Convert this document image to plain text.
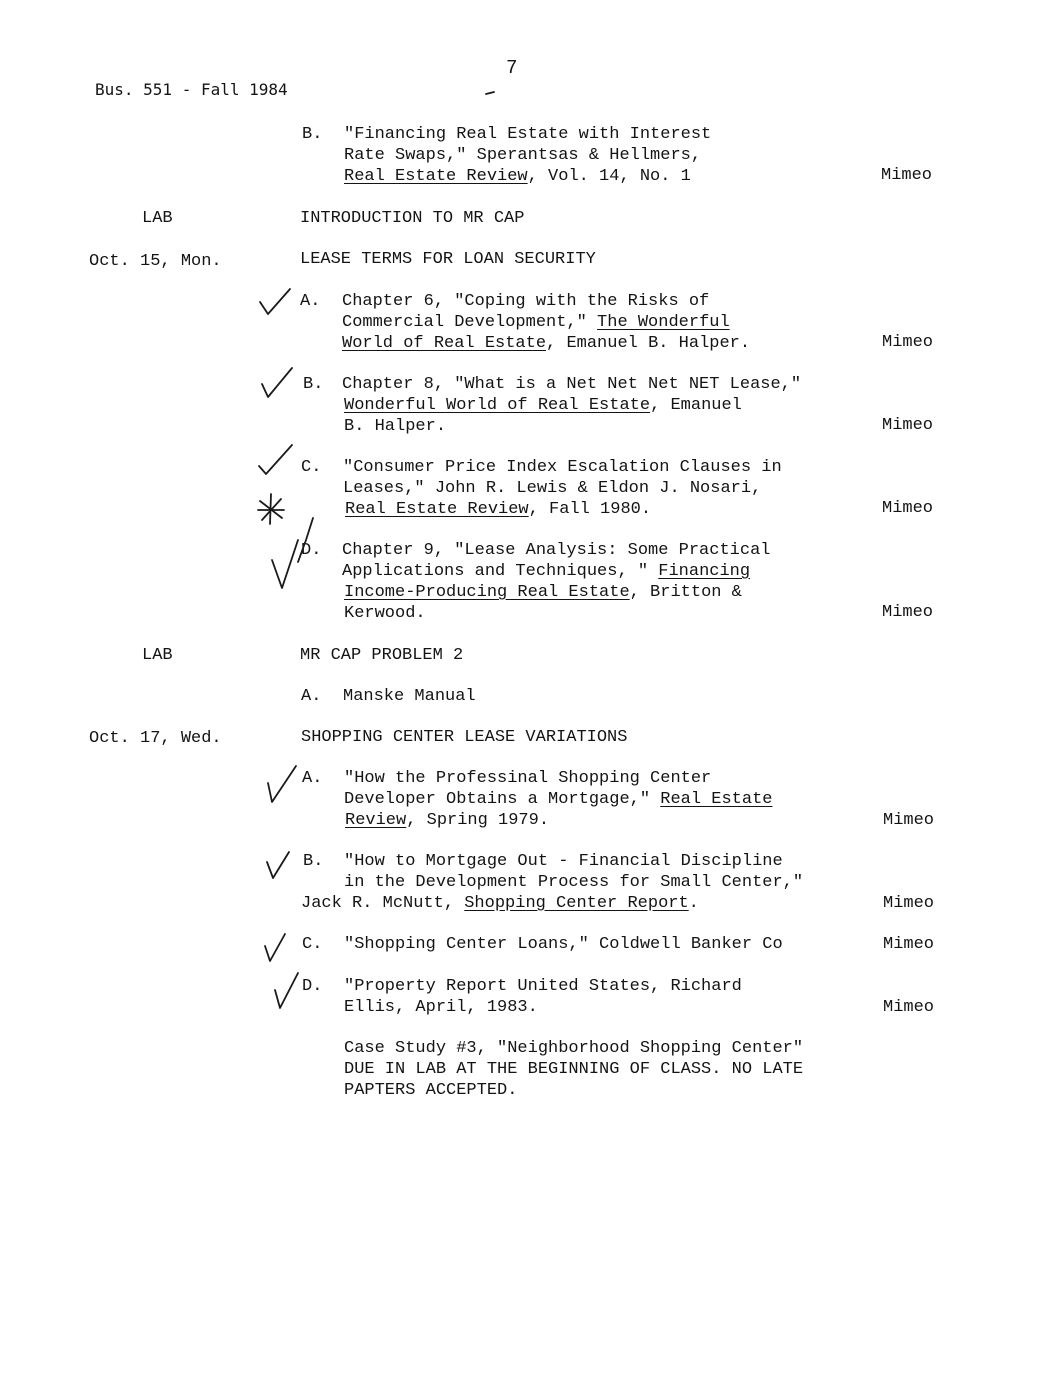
Bus. 551 - Fall 1984
7
B. "Financing Real Estate with Interest
Rate Swaps," Sperantsas & Hellmers,
Real Estate Review, Vol. 14, No. 1	Mimeo
LAB	INTRODUCTION TO MR CAP
Oct. 15, Mon.	LEASE TERMS FOR LOAN SECURITY
A. Chapter 6, "Coping with the Risks of
Commercial Development," The Wonderful
World of Real Estate, Emanuel B. Halper.	Mimeo
B. Chapter 8, "What is a Net Net Net NET Lease,"
Wonderful World of Real Estate, Emanuel
B. Halper.	Mimeo
C. "Consumer Price Index Escalation Clauses in
Leases," John R. Lewis & Eldon J. Nosari,
Real Estate Review, Fall 1980.	Mimeo
D. Chapter 9, "Lease Analysis: Some Practical
Applications and Techniques, " Financing
Income-Producing Real Estate, Britton &
Kerwood.	Mimeo
LAB	MR CAP PROBLEM 2
A. Manske Manual
Oct. 17, Wed.	SHOPPING CENTER LEASE VARIATIONS
A. "How the Professinal Shopping Center
Developer Obtains a Mortgage," Real Estate
Review, Spring 1979.	Mimeo
B. "How to Mortgage Out - Financial Discipline
in the Development Process for Small Center,"
Jack R. McNutt, Shopping Center Report.	Mimeo
C. "Shopping Center Loans," Coldwell Banker Co	Mimeo
D. "Property Report United States, Richard
Ellis, April, 1983.	Mimeo
Case Study #3, "Neighborhood Shopping Center"
DUE IN LAB AT THE BEGINNING OF CLASS. NO LATE
PAPTERS ACCEPTED.
